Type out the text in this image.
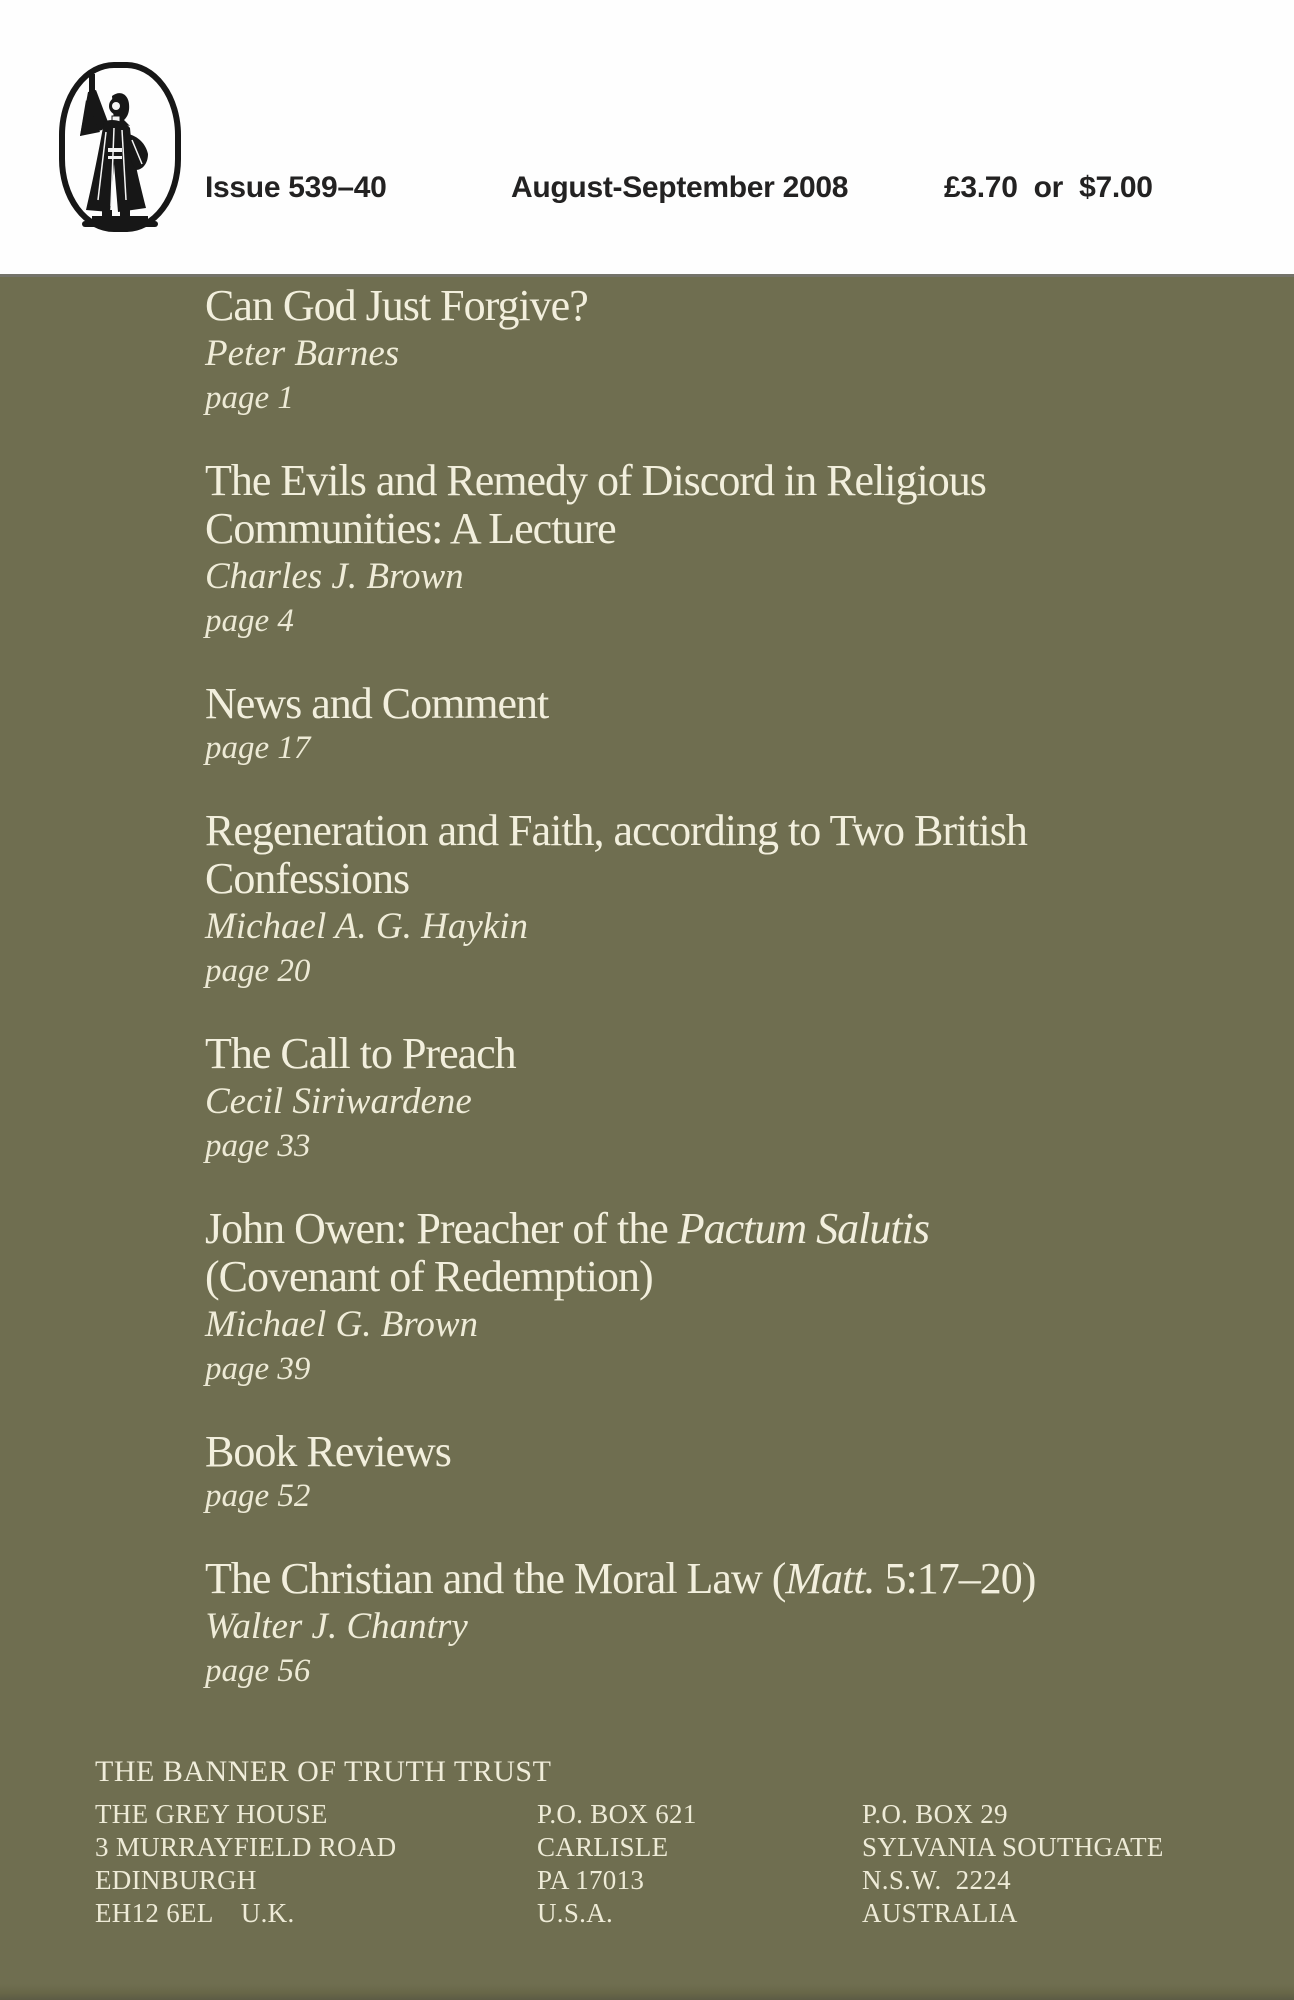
Issue 539–40	August-September 2008	£3.70  or  $7.00
Can God Just Forgive?
Peter Barnes
page 1
The Evils and Remedy of Discord in Religious
Communities: A Lecture
Charles J. Brown
page 4
News and Comment
page 17
Regeneration and Faith, according to Two British
Confessions
Michael A. G. Haykin
page 20
The Call to Preach
Cecil Siriwardene
page 33
John Owen: Preacher of the Pactum Salutis
(Covenant of Redemption)
Michael G. Brown
page 39
Book Reviews
page 52
The Christian and the Moral Law (Matt. 5:17–20)
Walter J. Chantry
page 56
THE BANNER OF TRUTH TRUST
THE GREY HOUSE
3 MURRAYFIELD ROAD
EDINBURGH
EH12 6EL    U.K.
P.O. BOX 621
CARLISLE
PA 17013
U.S.A.
P.O. BOX 29
SYLVANIA SOUTHGATE
N.S.W.  2224
AUSTRALIA
